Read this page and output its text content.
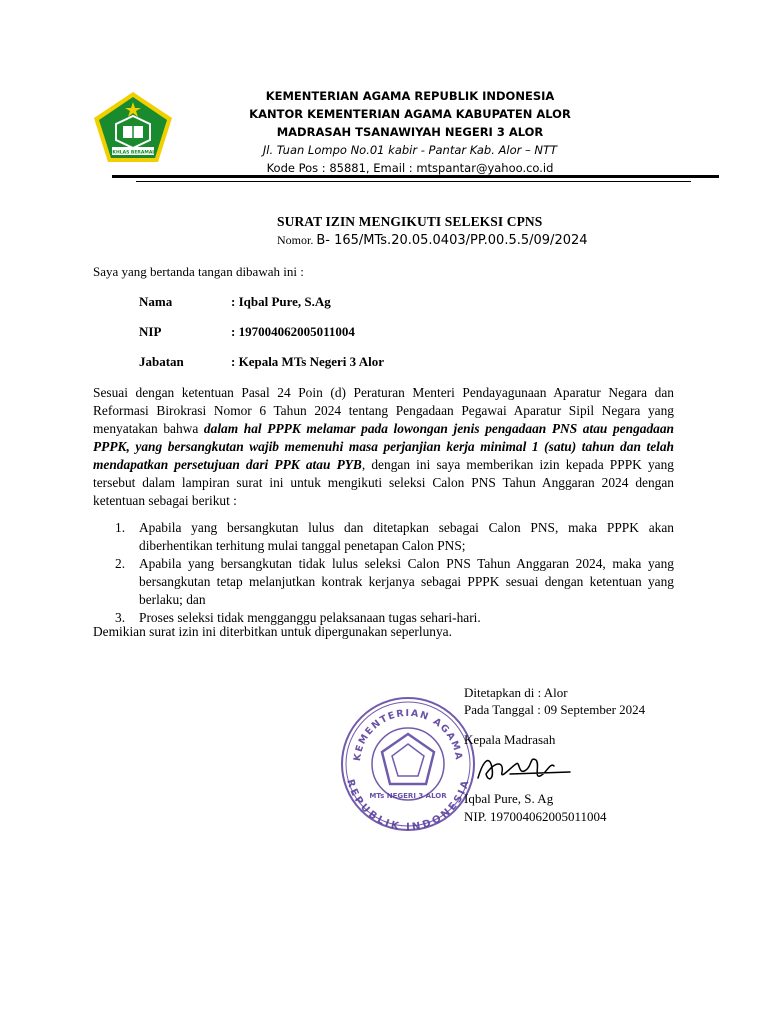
IKHLAS BERAMAL
KEMENTERIAN AGAMA REPUBLIK INDONESIA
KANTOR KEMENTERIAN AGAMA KABUPATEN ALOR
MADRASAH TSANAWIYAH NEGERI 3 ALOR
Jl. Tuan Lompo No.01 kabir - Pantar Kab. Alor – NTT
Kode Pos : 85881, Email : mtspantar@yahoo.co.id
SURAT IZIN MENGIKUTI SELEKSI CPNS
Nomor. B- 165/MTs.20.05.0403/PP.00.5.5/09/2024
Saya yang bertanda tangan dibawah ini :
Nama	: Iqbal Pure, S.Ag
NIP	: 197004062005011004
Jabatan	: Kepala MTs Negeri 3 Alor
Sesuai dengan ketentuan Pasal 24 Poin (d) Peraturan Menteri Pendayagunaan Aparatur Negara dan Reformasi Birokrasi Nomor 6 Tahun 2024 tentang Pengadaan Pegawai Aparatur Sipil Negara yang menyatakan bahwa dalam hal PPPK melamar pada lowongan jenis pengadaan PNS atau pengadaan PPPK, yang bersangkutan wajib memenuhi masa perjanjian kerja minimal 1 (satu) tahun dan telah mendapatkan persetujuan dari PPK atau PYB, dengan ini saya memberikan izin kepada PPPK yang tersebut dalam lampiran surat ini untuk mengikuti seleksi Calon PNS Tahun Anggaran 2024 dengan ketentuan sebagai berikut :
1. Apabila yang bersangkutan lulus dan ditetapkan sebagai Calon PNS, maka PPPK akan diberhentikan terhitung mulai tanggal penetapan Calon PNS;
2. Apabila yang bersangkutan tidak lulus seleksi Calon PNS Tahun Anggaran 2024, maka yang bersangkutan tetap melanjutkan kontrak kerjanya sebagai PPPK sesuai dengan ketentuan yang berlaku; dan
3. Proses seleksi tidak mengganggu pelaksanaan tugas sehari-hari.
Demikian surat izin ini diterbitkan untuk dipergunakan seperlunya.
KEMENTERIAN AGAMA
REPUBLIK INDONESIA
MTs NEGERI 3 ALOR
Ditetapkan di : Alor
Pada Tanggal : 09 September 2024
Kepala Madrasah
Iqbal Pure, S. Ag
NIP. 197004062005011004
